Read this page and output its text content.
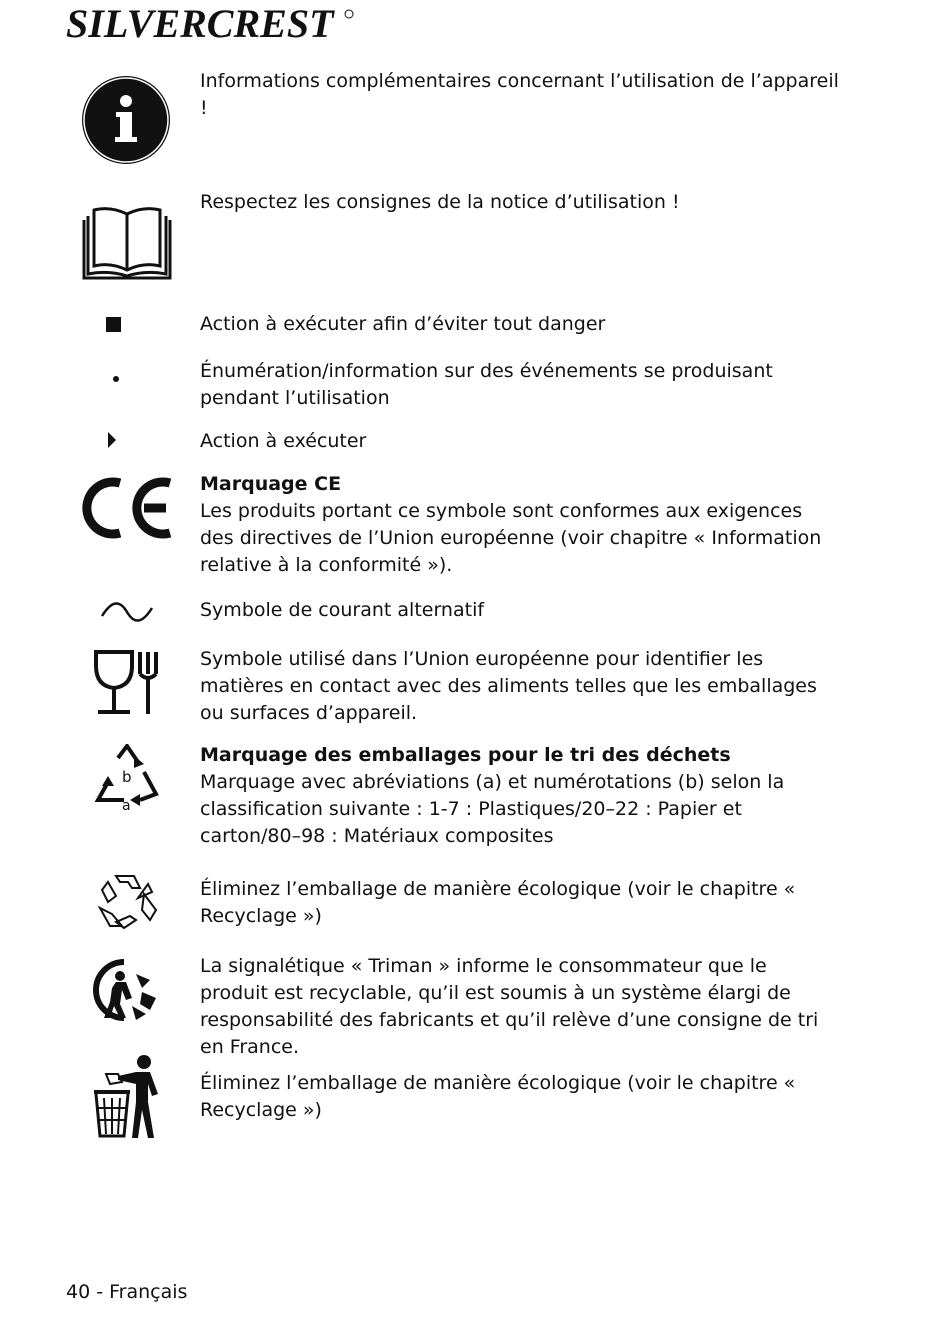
SILVERCREST
Informations complémentaires concernant l’utilisation de l’appareil !
Respectez les consignes de la notice d’utilisation !
Action à exécuter afin d’éviter tout danger
Énumération/information sur des événements se produisant pendant l’utilisation
Action à exécuter
Marquage CE
Les produits portant ce symbole sont conformes aux exigences des directives de l’Union européenne (voir chapitre « Information relative à la conformité »).
Symbole de courant alternatif
Symbole utilisé dans l’Union européenne pour identifier les matières en contact avec des aliments telles que les emballages ou surfaces d’appareil.
b
a
Marquage des emballages pour le tri des déchets
Marquage avec abréviations (a) et numérotations (b) selon la classification suivante : 1-7 : Plastiques/20–22 : Papier et carton/80–98 : Matériaux composites
Éliminez l’emballage de manière écologique (voir le chapitre « Recyclage »)
La signalétique « Triman » informe le consommateur que le produit est recyclable, qu’il est soumis à un système élargi de responsabilité des fabricants et qu’il relève d’une consigne de tri en France.
Éliminez l’emballage de manière écologique (voir le chapitre « Recyclage »)
40 - Français
